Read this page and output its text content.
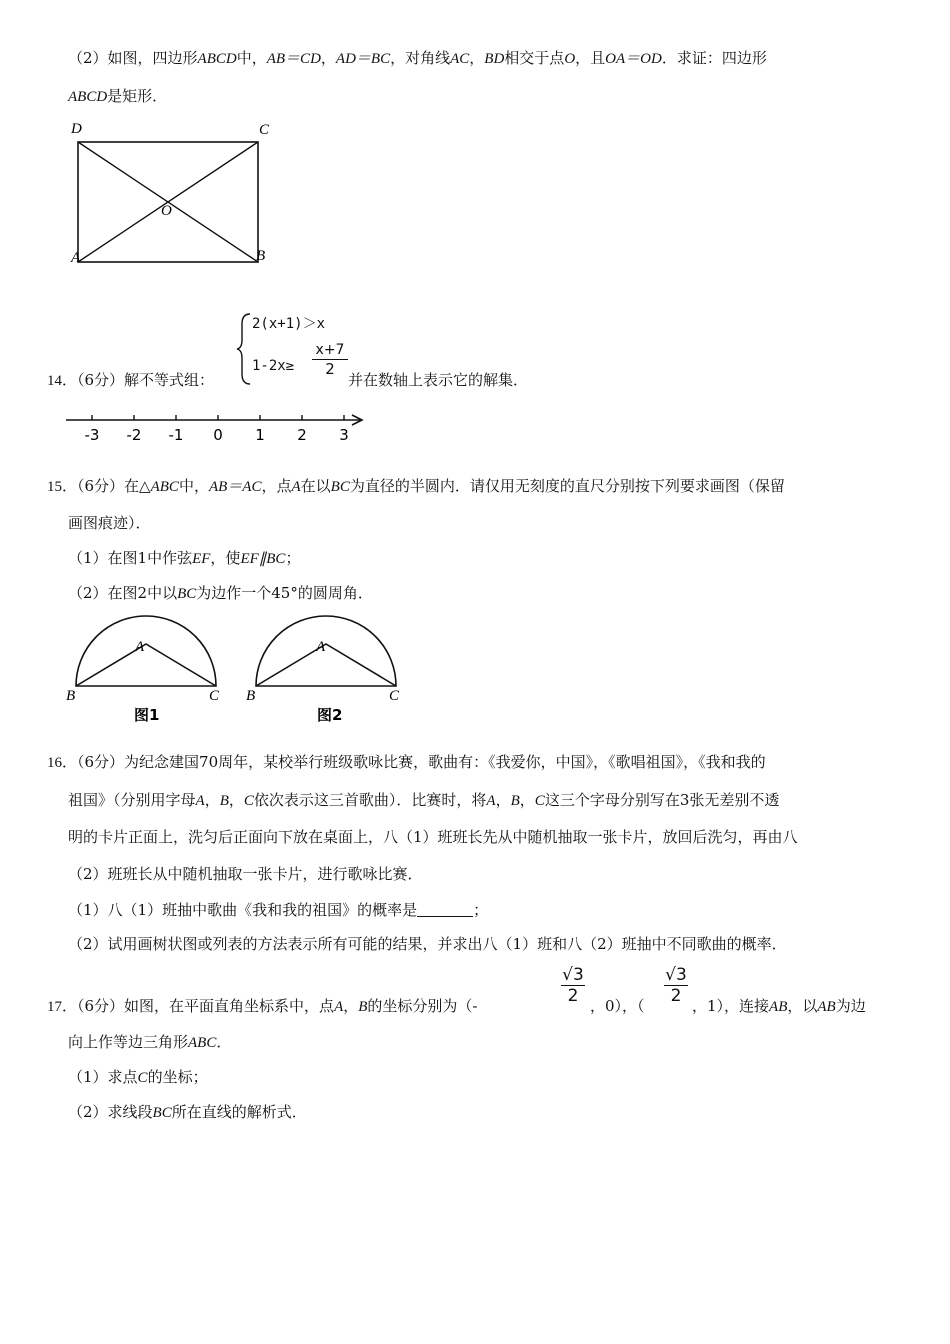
（2）如图，四边形ABCD中，AB＝CD，AD＝BC，对角线AC，BD相交于点O，且OA＝OD．求证：四边形
ABCD是矩形．
D	C
O
A	B
2(x+1)＞x
1-2x≥
x+7
2
14．（6分）解不等式组：	并在数轴上表示它的解集．
-3 -2 -1 0 1 2 3
15．（6分）在△ABC中，AB＝AC，点A在以BC为直径的半圆内．请仅用无刻度的直尺分别按下列要求画图（保留
画图痕迹）．
（1）在图1中作弦EF，使EF∥BC；
（2）在图2中以BC为边作一个45°的圆周角．
A
B	C
图1
A
B	C
图2
16．（6分）为纪念建国70周年，某校举行班级歌咏比赛，歌曲有：《我爱你，中国》，《歌唱祖国》，《我和我的
祖国》（分别用字母A，B，C依次表示这三首歌曲）．比赛时，将A，B，C这三个字母分别写在3张无差别不透
明的卡片正面上，洗匀后正面向下放在桌面上，八（1）班班长先从中随机抽取一张卡片，放回后洗匀，再由八
（2）班班长从中随机抽取一张卡片，进行歌咏比赛．
（1）八（1）班抽中歌曲《我和我的祖国》的概率是	；
（2）试用画树状图或列表的方法表示所有可能的结果，并求出八（1）班和八（2）班抽中不同歌曲的概率．
√3
2
√3
2
17．（6分）如图，在平面直角坐标系中，点A，B的坐标分别为（-	，0），（	，1），连接AB，以AB为边
向上作等边三角形ABC．
（1）求点C的坐标；
（2）求线段BC所在直线的解析式．
